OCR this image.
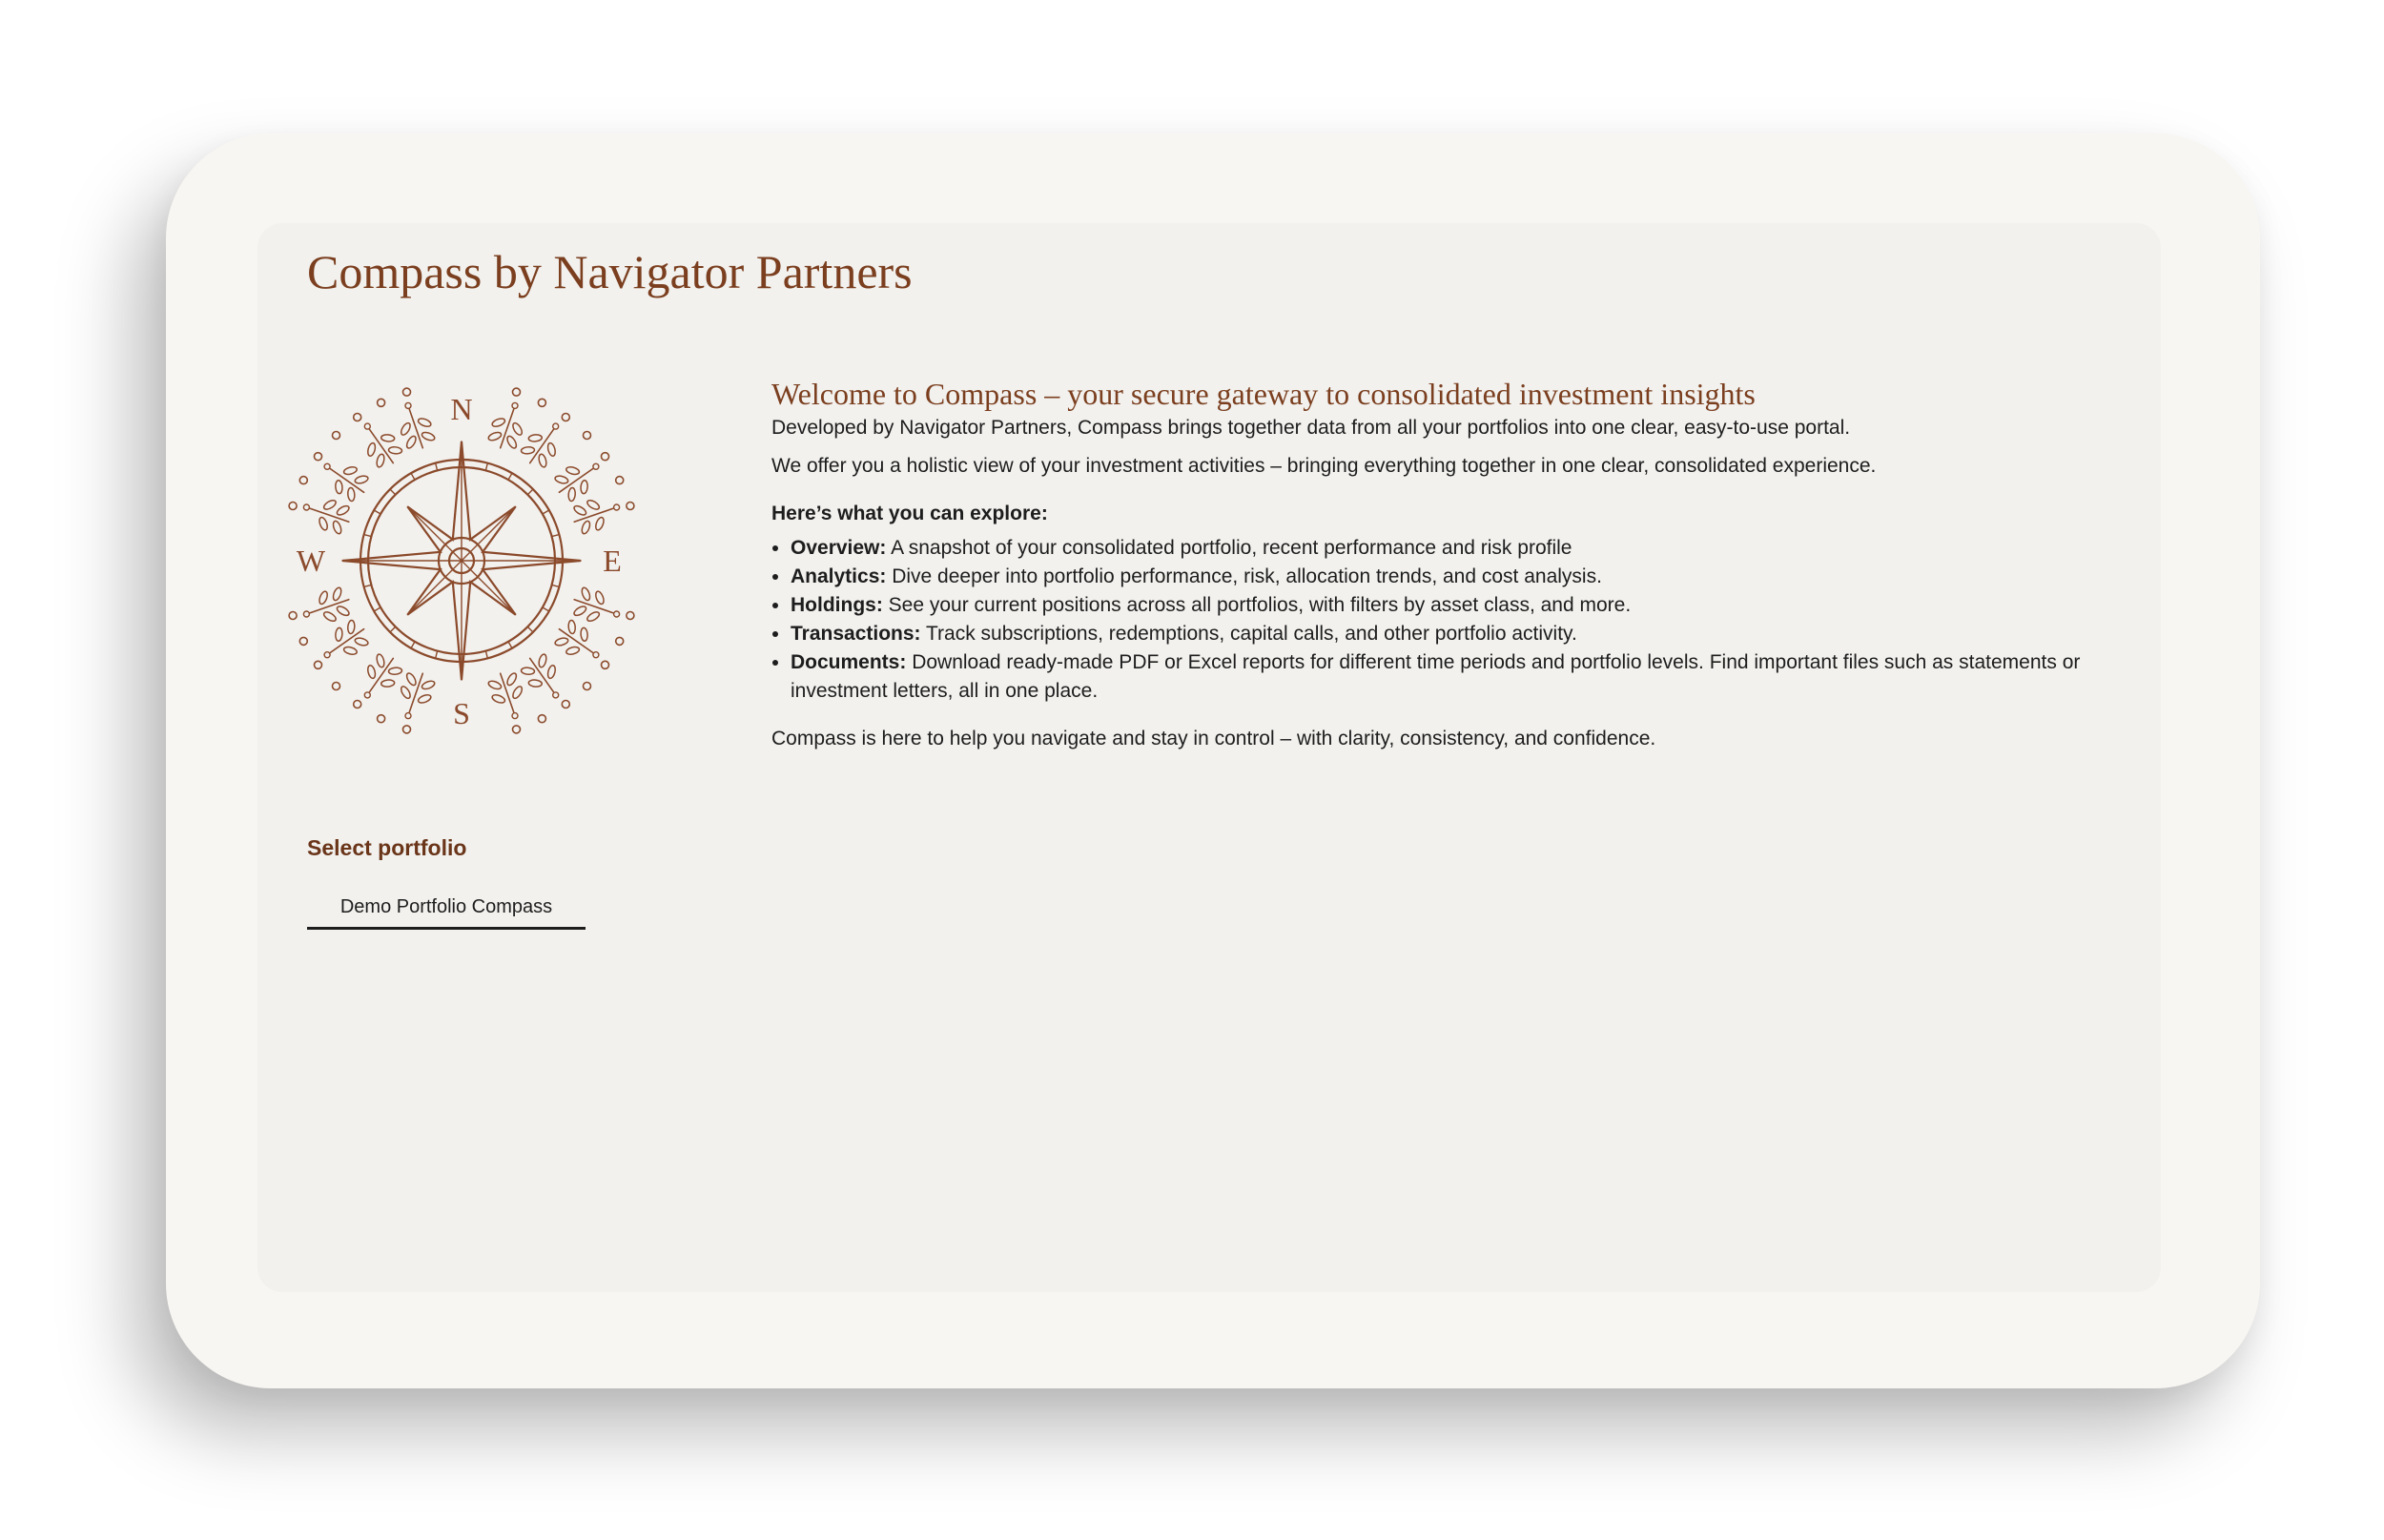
Compass by Navigator Partners
N
S
E
W
Welcome to Compass – your secure gateway to consolidated investment insights

Developed by Navigator Partners, Compass brings together data from all your portfolios into one clear, easy-to-use portal.

We offer you a holistic view of your investment activities – bringing everything together in one clear, consolidated experience.

Here’s what you can explore:

• Overview: A snapshot of your consolidated portfolio, recent performance and risk profile
• Analytics: Dive deeper into portfolio performance, risk, allocation trends, and cost analysis.
• Holdings: See your current positions across all portfolios, with filters by asset class, and more.
• Transactions: Track subscriptions, redemptions, capital calls, and other portfolio activity.
• Documents: Download ready-made PDF or Excel reports for different time periods and portfolio levels. Find important files such as statements or investment letters, all in one place.

Compass is here to help you navigate and stay in control – with clarity, consistency, and confidence.

Select portfolio
Demo Portfolio Compass
